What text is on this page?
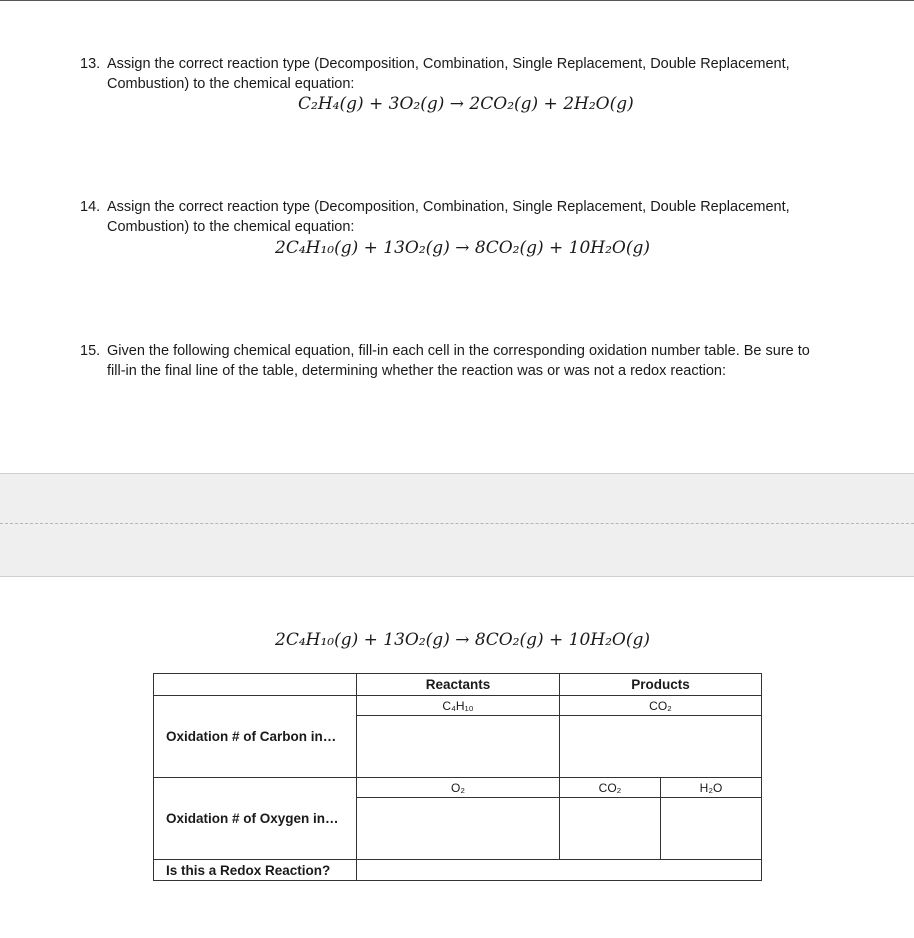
13. Assign the correct reaction type (Decomposition, Combination, Single Replacement, Double Replacement,
Combustion) to the chemical equation:
C₂H₄(g) + 3O₂(g) → 2CO₂(g) + 2H₂O(g)
14. Assign the correct reaction type (Decomposition, Combination, Single Replacement, Double Replacement,
Combustion) to the chemical equation:
2C₄H₁₀(g) + 13O₂(g) → 8CO₂(g) + 10H₂O(g)
15. Given the following chemical equation, fill-in each cell in the corresponding oxidation number table. Be sure to
fill-in the final line of the table, determining whether the reaction was or was not a redox reaction:
2C₄H₁₀(g) + 13O₂(g) → 8CO₂(g) + 10H₂O(g)
	Reactants	Products	
Oxidation # of Carbon in…	C₄H₁₀	CO₂	

Oxidation # of Oxygen in…	O₂	CO₂	H₂O

Is this a Redox Reaction?			
